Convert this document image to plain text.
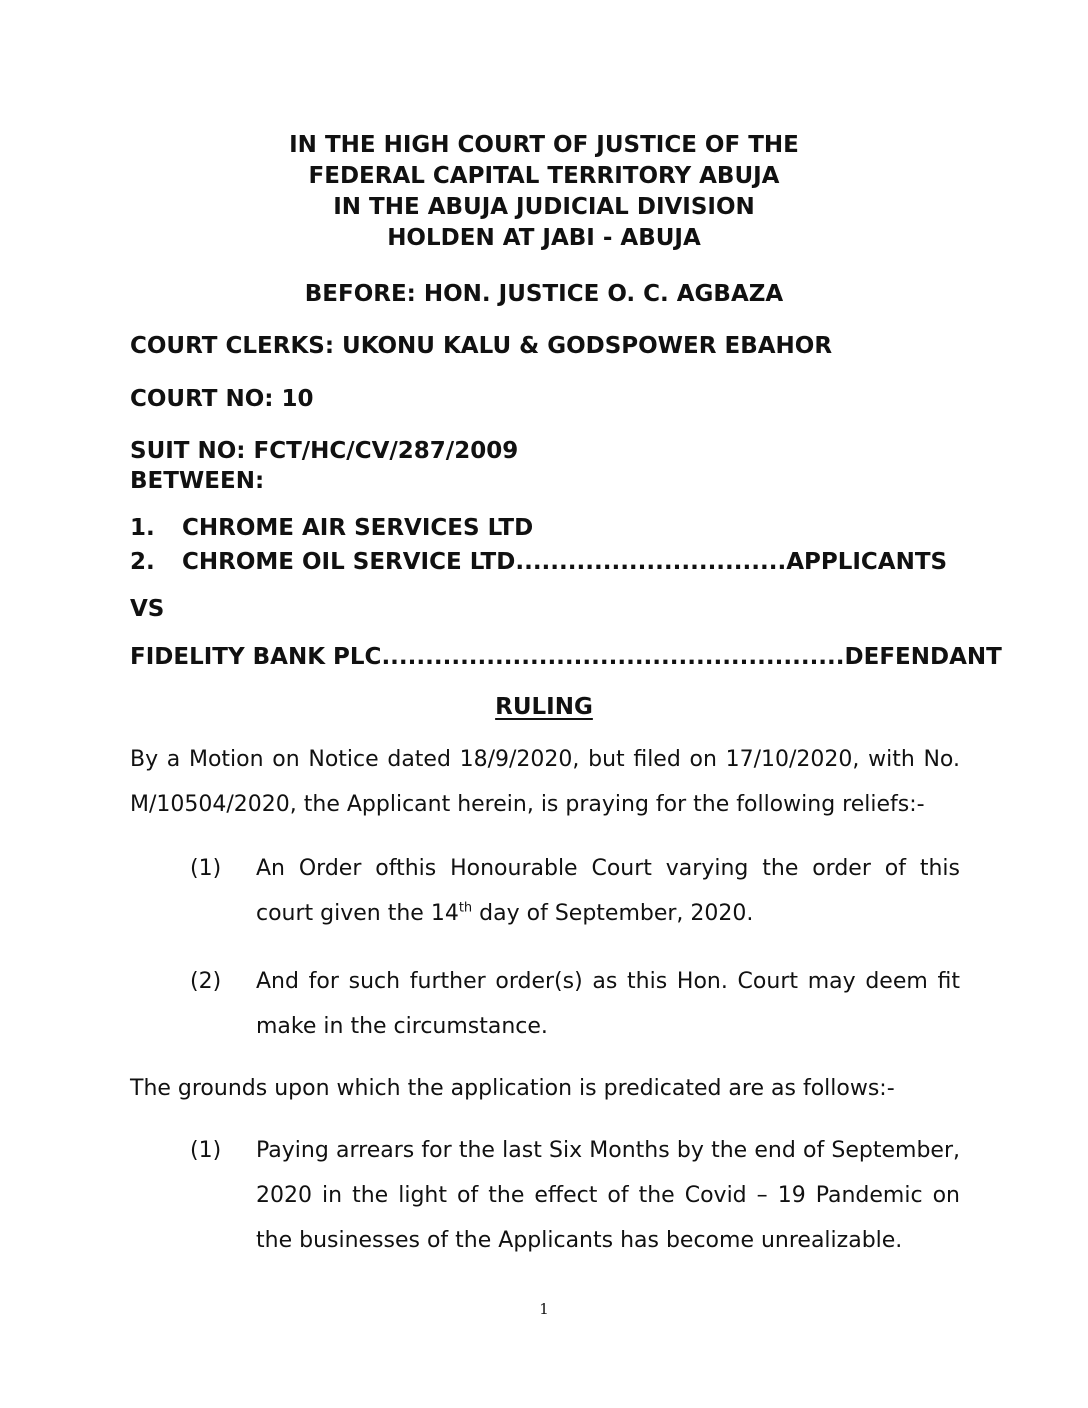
IN THE HIGH COURT OF JUSTICE OF THE
FEDERAL CAPITAL TERRITORY ABUJA
IN THE ABUJA JUDICIAL DIVISION
HOLDEN AT JABI - ABUJA
BEFORE: HON. JUSTICE O. C. AGBAZA
COURT CLERKS: UKONU KALU & GODSPOWER EBAHOR
COURT NO: 10
SUIT NO: FCT/HC/CV/287/2009
BETWEEN:
1. CHROME AIR SERVICES LTD
2. CHROME OIL SERVICE LTD...............................APPLICANTS
VS
FIDELITY BANK PLC.....................................................DEFENDANT
RULING
By a Motion on Notice dated 18/9/2020, but filed on 17/10/2020, with No.
M/10504/2020, the Applicant herein, is praying for the following reliefs:-
(1)	An Order ofthis Honourable Court varying the order of this
court given the 14th day of September, 2020.
(2)	And for such further order(s) as this Hon. Court may deem fit
make in the circumstance.
The grounds upon which the application is predicated are as follows:-
(1)	Paying arrears for the last Six Months by the end of September,
2020 in the light of the effect of the Covid – 19 Pandemic on
the businesses of the Applicants has become unrealizable.
1
